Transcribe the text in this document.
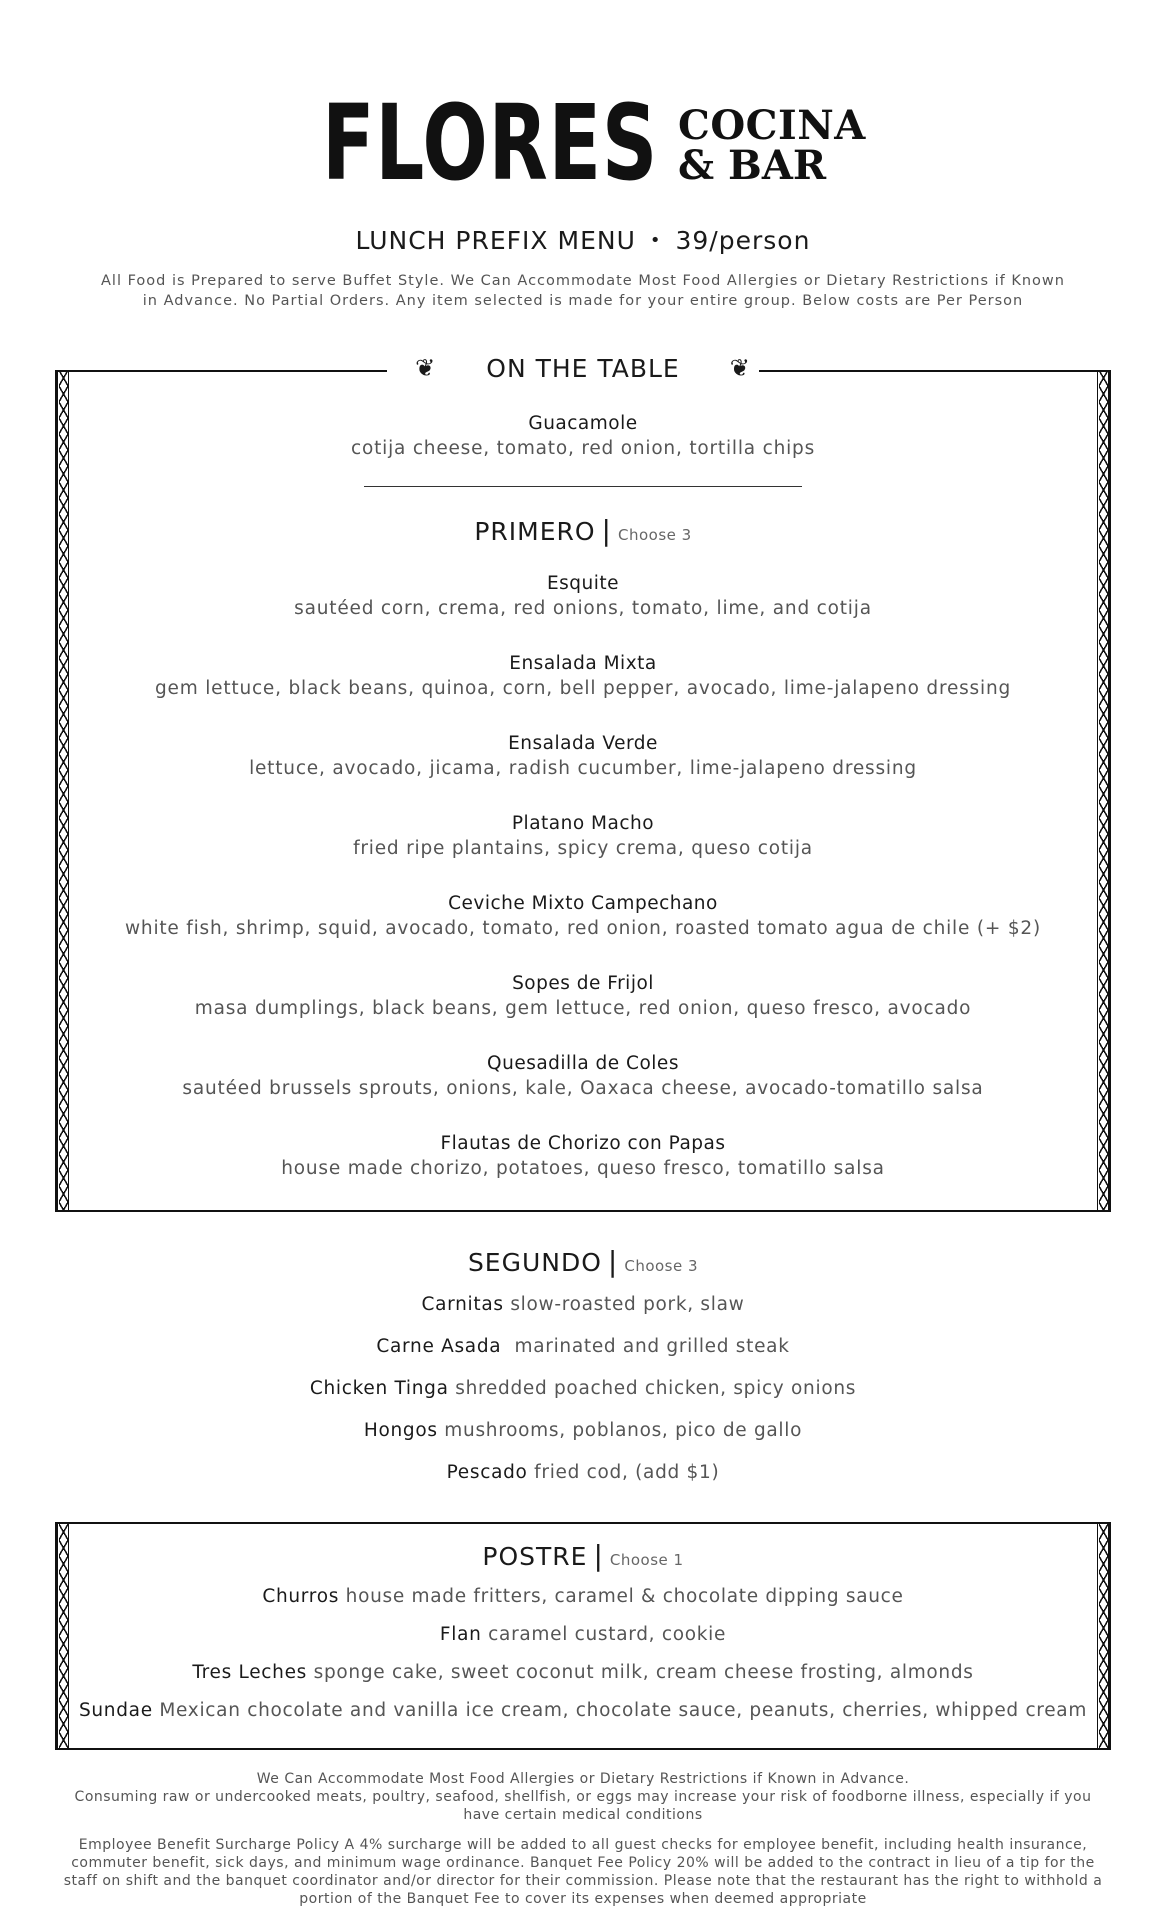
FLORES COCINA
& BAR
LUNCH PREFIX MENU • 39/person
All Food is Prepared to serve Buffet Style. We Can Accommodate Most Food Allergies or Dietary Restrictions if Known in Advance. No Partial Orders. Any item selected is made for your entire group. Below costs are Per Person
❦ ON THE TABLE ❦
Guacamole
cotija cheese, tomato, red onion, tortilla chips
PRIMERO | Choose 3
Esquite
sautéed corn, crema, red onions, tomato, lime, and cotija
Ensalada Mixta
gem lettuce, black beans, quinoa, corn, bell pepper, avocado, lime-jalapeno dressing
Ensalada Verde
lettuce, avocado, jicama, radish cucumber, lime-jalapeno dressing
Platano Macho
fried ripe plantains, spicy crema, queso cotija
Ceviche Mixto Campechano
white fish, shrimp, squid, avocado, tomato, red onion, roasted tomato agua de chile (+ $2)
Sopes de Frijol
masa dumplings, black beans, gem lettuce, red onion, queso fresco, avocado
Quesadilla de Coles
sautéed brussels sprouts, onions, kale, Oaxaca cheese, avocado-tomatillo salsa
Flautas de Chorizo con Papas
house made chorizo, potatoes, queso fresco, tomatillo salsa
SEGUNDO | Choose 3
Carnitas slow-roasted pork, slaw
Carne Asada marinated and grilled steak
Chicken Tinga shredded poached chicken, spicy onions
Hongos mushrooms, poblanos, pico de gallo
Pescado fried cod, (add $1)
POSTRE | Choose 1
Churros house made fritters, caramel & chocolate dipping sauce
Flan caramel custard, cookie
Tres Leches sponge cake, sweet coconut milk, cream cheese frosting, almonds
Sundae Mexican chocolate and vanilla ice cream, chocolate sauce, peanuts, cherries, whipped cream
We Can Accommodate Most Food Allergies or Dietary Restrictions if Known in Advance.
Consuming raw or undercooked meats, poultry, seafood, shellfish, or eggs may increase your risk of foodborne illness, especially if you have certain medical conditions
Employee Benefit Surcharge Policy A 4% surcharge will be added to all guest checks for employee benefit, including health insurance, commuter benefit, sick days, and minimum wage ordinance. Banquet Fee Policy 20% will be added to the contract in lieu of a tip for the staff on shift and the banquet coordinator and/or director for their commission. Please note that the restaurant has the right to withhold a portion of the Banquet Fee to cover its expenses when deemed appropriate
